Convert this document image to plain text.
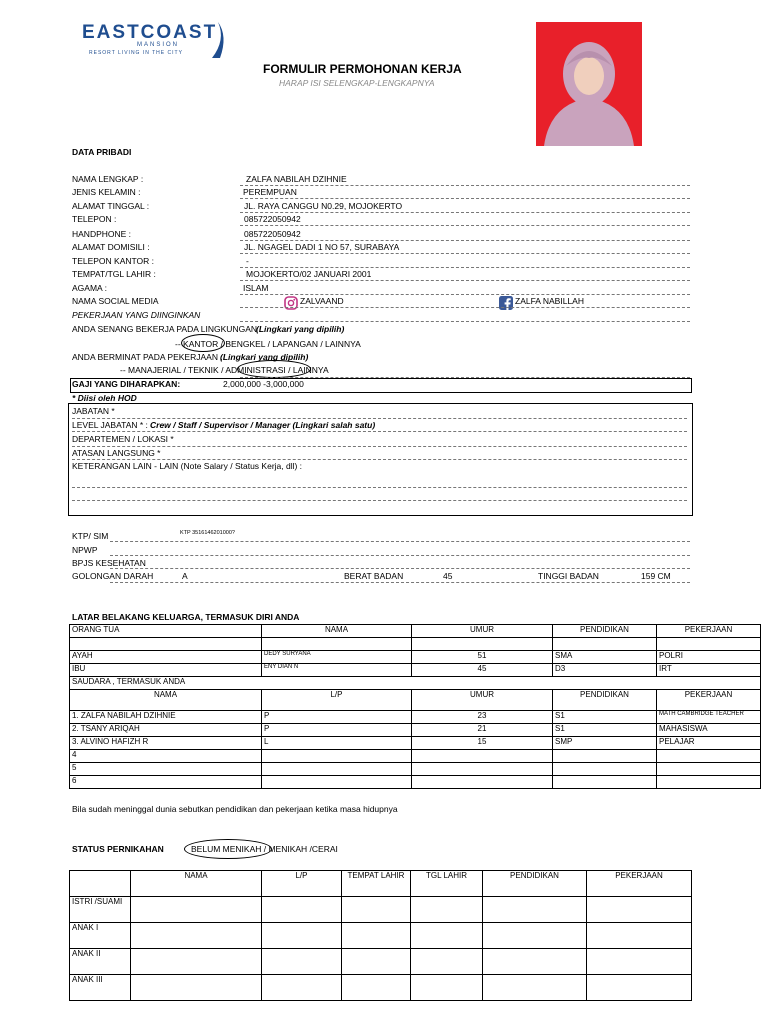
EASTCOAST
MANSION
RESORT LIVING IN THE CITY
FORMULIR PERMOHONAN KERJA
HARAP ISI SELENGKAP-LENGKAPNYA
DATA PRIBADI
NAMA LENGKAP :	ZALFA NABILAH DZIHNIE
JENIS KELAMIN :	PEREMPUAN
ALAMAT TINGGAL :	JL. RAYA CANGGU N0.29, MOJOKERTO
TELEPON :	085722050942
HANDPHONE :	085722050942
ALAMAT DOMISILI :	JL. NGAGEL DADI 1 NO 57, SURABAYA
TELEPON KANTOR :	-
TEMPAT/TGL LAHIR :	MOJOKERTO/02 JANUARI 2001
AGAMA :	ISLAM
NAMA SOCIAL MEDIA	ZALVAAND	ZALFA NABILLAH
PEKERJAAN YANG DIINGINKAN
ANDA SENANG BEKERJA PADA LINGKUNGAN :
(Lingkari yang dipilih)
-- KANTOR / BENGKEL / LAPANGAN / LAINNYA
ANDA BERMINAT PADA PEKERJAAN :
(Lingkari yang dipilih)
-- MANAJERIAL / TEKNIK / ADMINISTRASI / LAINNYA
GAJI YANG DIHARAPKAN:	2,000,000 -3,000,000
* Diisi oleh HOD
JABATAN *
LEVEL JABATAN * : Crew / Staff / Supervisor / Manager (Lingkari salah satu)
DEPARTEMEN / LOKASI *
ATASAN LANGSUNG *
KETERANGAN LAIN - LAIN (Note Salary / Status Kerja, dll) :
KTP/ SIM	KTP 3516146201000?
NPWP
BPJS KESEHATAN
GOLONGAN DARAH	A	BERAT BADAN	45	TINGGI BADAN	159 CM
LATAR BELAKANG KELUARGA, TERMASUK DIRI ANDA
ORANG TUA	NAMA	UMUR	PENDIDIKAN	PEKERJAAN

AYAH	DEDY SURYANA	51	SMA	POLRI
IBU	ENY DIAN N	45	D3	IRT
SAUDARA , TERMASUK ANDA				
NAMA	L/P	UMUR	PENDIDIKAN	PEKERJAAN
1. ZALFA NABILAH DZIHNIE	P	23	S1	MATH CAMBRIDGE TEACHER
2. TSANY ARIQAH	P	21	S1	MAHASISWA
3. ALVINO HAFIZH R	L	15	SMP	PELAJAR
4				
5				
6				
Bila sudah meninggal dunia sebutkan pendidikan dan pekerjaan ketika masa hidupnya
STATUS PERNIKAHAN	BELUM MENIKAH / MENIKAH /CERAI
	NAMA	L/P	TEMPAT LAHIR	TGL LAHIR	PENDIDIKAN	PEKERJAAN
ISTRI /SUAMI						
ANAK I						
ANAK II						
ANAK III						
